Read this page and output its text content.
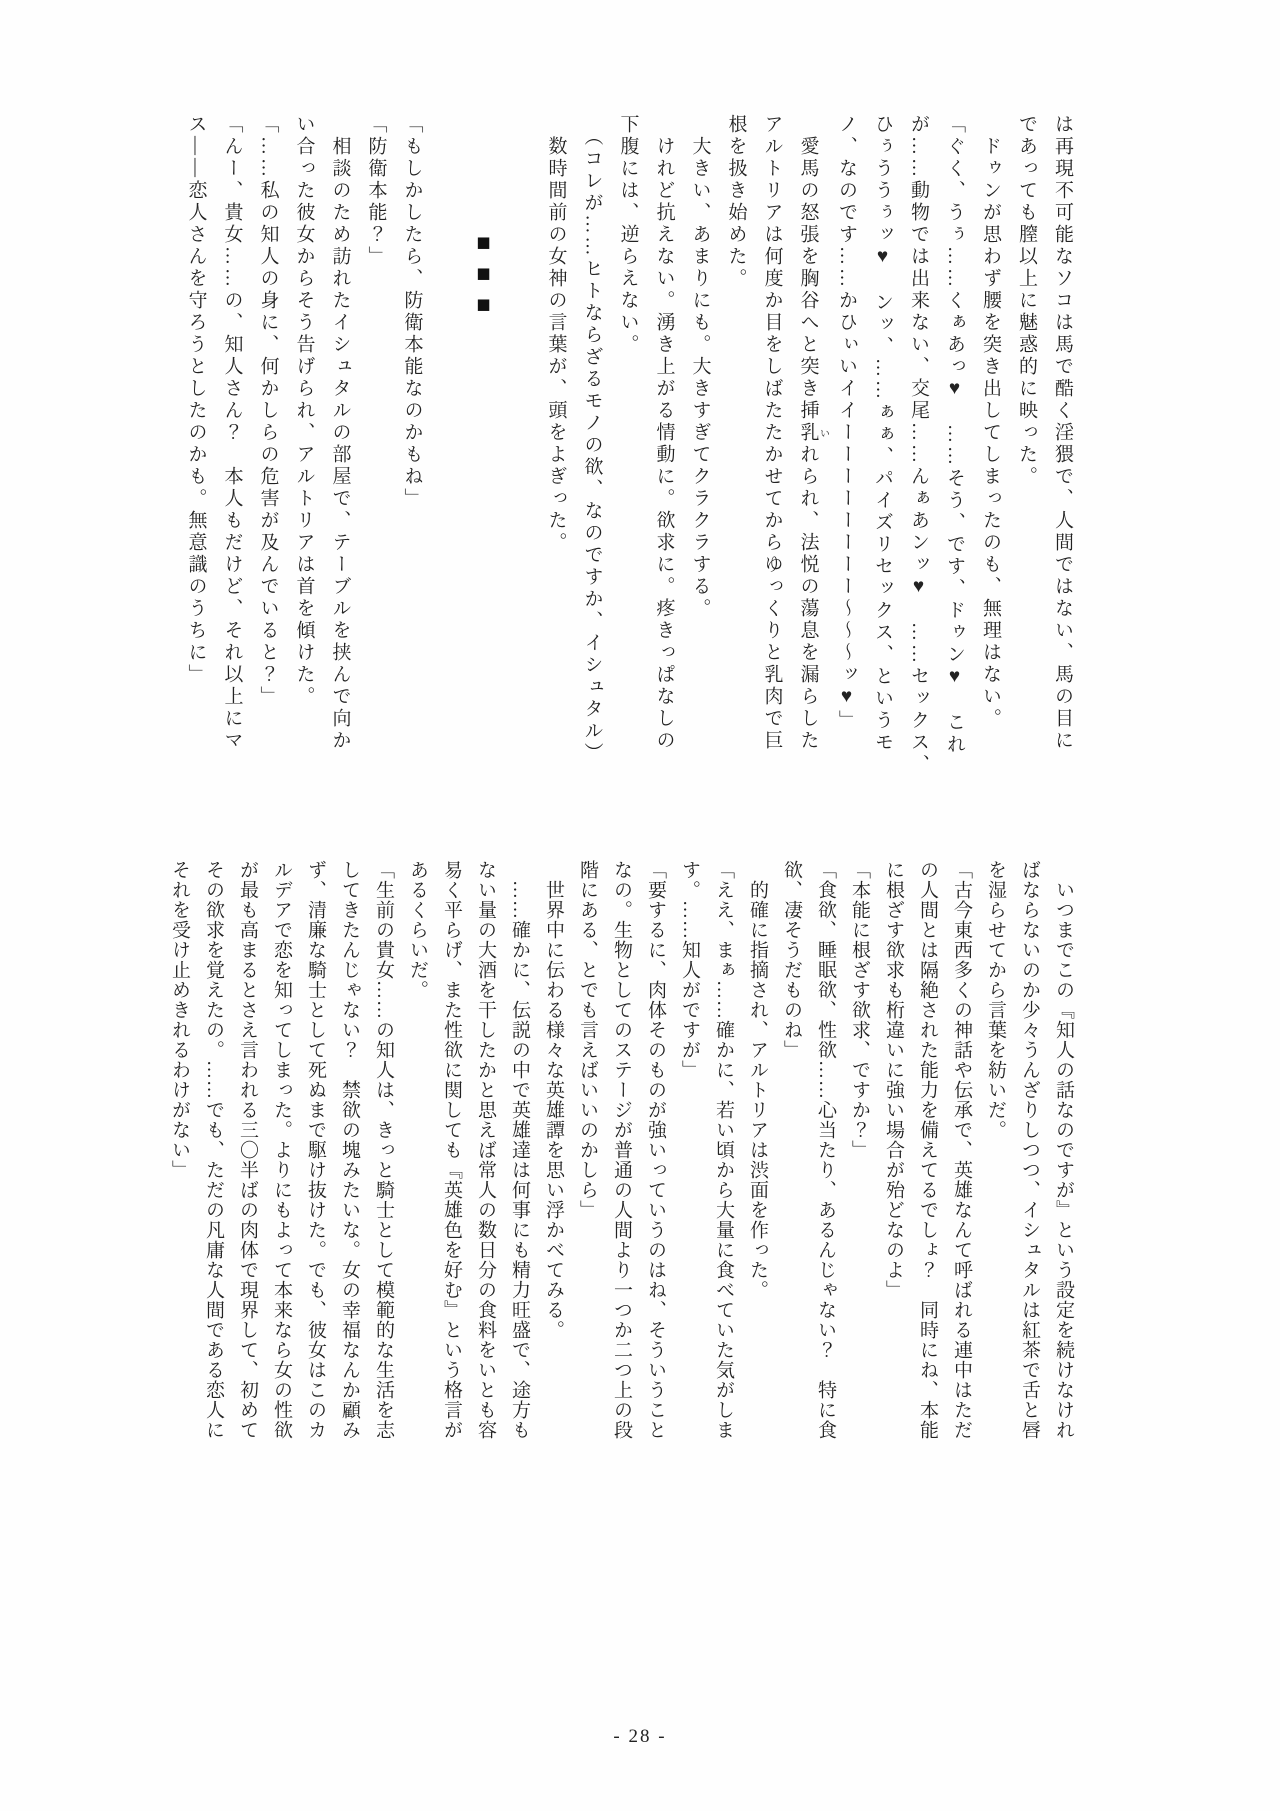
は再現不可能なソコは馬で酷く淫猥で、人間ではない、馬の目に
であっても膣以上に魅惑的に映った。
　ドゥンが思わず腰を突き出してしまったのも、無理はない。
「ぐく、うぅ……くぁあっ♥　……そう、です、ドゥン♥　これ
が……動物では出来ない、交尾……んぁあンッ♥　……セックス、
ひぅううぅッ♥　ンッ、……ぁぁ、パイズリセックス、というモ
ノ、なのです……かひぃいイイーーーーーーーー～～～ッ♥」
　愛馬の怒張を胸谷へと突き挿乳 いれられ、法悦の蕩息を漏らした
アルトリアは何度か目をしばたたかせてからゆっくりと乳肉で巨
根を扱き始めた。
　大きい、あまりにも。大きすぎてクラクラする。
　けれど抗えない。湧き上がる情動に。欲求に。疼きっぱなしの
下腹には、逆らえない。
　（コレが……ヒトならざるモノの欲、なのですか、イシュタル）
　数時間前の女神の言葉が、頭をよぎった。
■■■
「もしかしたら、防衛本能なのかもね」
「防衛本能？」
　相談のため訪れたイシュタルの部屋で、テーブルを挟んで向か
い合った彼女からそう告げられ、アルトリアは首を傾けた。
「……私の知人の身に、何かしらの危害が及んでいると？」
「んー、貴女……の、知人さん？　本人もだけど、それ以上にマ
ス――恋人さんを守ろうとしたのかも。無意識のうちに」
　いつまでこの『知人の話なのですが』という設定を続けなけれ
ばならないのか少々うんざりしつつ、イシュタルは紅茶で舌と唇
を湿らせてから言葉を紡いだ。
「古今東西多くの神話や伝承で、英雄なんて呼ばれる連中はただ
の人間とは隔絶された能力を備えてるでしょ？　同時にね、本能
に根ざす欲求も桁違いに強い場合が殆どなのよ」
「本能に根ざす欲求、ですか？」
「食欲、睡眠欲、性欲……心当たり、あるんじゃない？　特に食
欲、凄そうだものね」
　的確に指摘され、アルトリアは渋面を作った。
「ええ、まぁ……確かに、若い頃から大量に食べていた気がしま
す。……知人がですが」
「要するに、肉体そのものが強いっていうのはね、そういうこと
なの。生物としてのステージが普通の人間より一つか二つ上の段
階にある、とでも言えばいいのかしら」
　世界中に伝わる様々な英雄譚を思い浮かべてみる。
　……確かに、伝説の中で英雄達は何事にも精力旺盛で、途方も
ない量の大酒を干したかと思えば常人の数日分の食料をいとも容
易く平らげ、また性欲に関しても『英雄色を好む』という格言が
あるくらいだ。
「生前の貴女……の知人は、きっと騎士として模範的な生活を志
してきたんじゃない？　禁欲の塊みたいな。女の幸福なんか顧み
ず、清廉な騎士として死ぬまで駆け抜けた。でも、彼女はこのカ
ルデアで恋を知ってしまった。よりにもよって本来なら女の性欲
が最も高まるとさえ言われる三〇半ばの肉体で現界して、初めて
その欲求を覚えたの。……でも、ただの凡庸な人間である恋人に
それを受け止めきれるわけがない」
- 28 -
